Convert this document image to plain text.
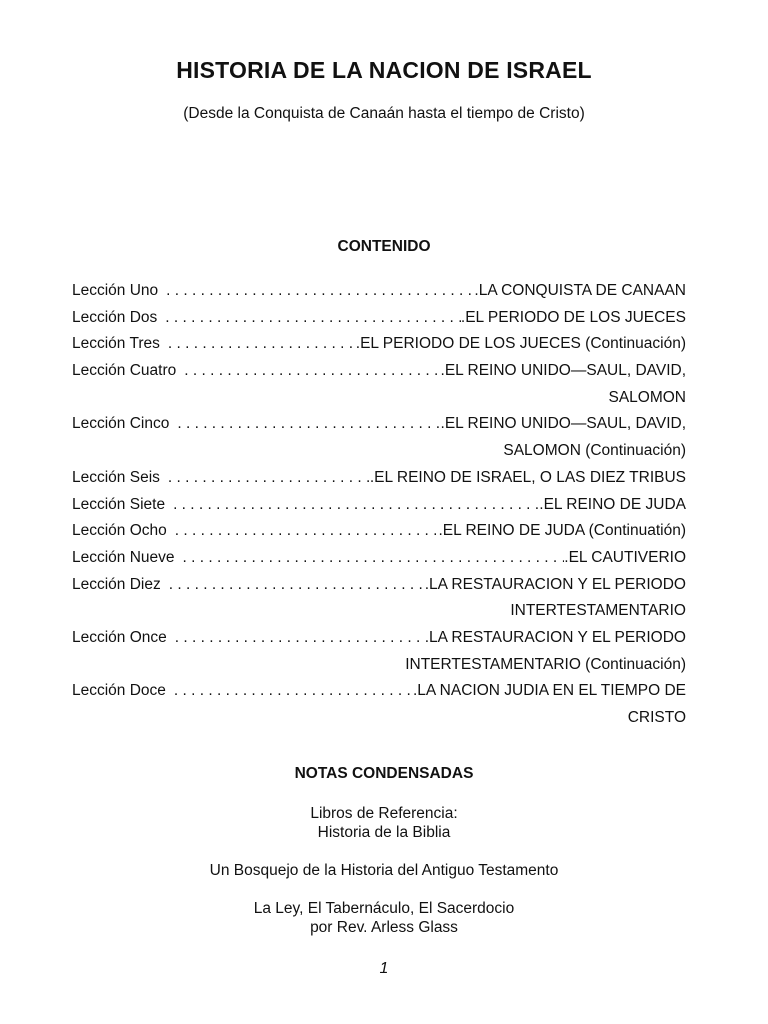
HISTORIA DE LA NACION DE ISRAEL
(Desde la Conquista de Canaán hasta el tiempo de Cristo)
CONTENIDO
Lección Uno . . .	.LA CONQUISTA DE CANAAN
Lección Dos . . .	.EL PERIODO DE LOS JUECES
Lección Tres . . .	.EL PERIODO DE LOS JUECES (Continuación)
Lección Cuatro . . .	.EL REINO UNIDO—SAUL, DAVID,
SALOMON
Lección Cinco . . .	.EL REINO UNIDO—SAUL, DAVID,
SALOMON (Continuación)
Lección Seis . . .	.EL REINO DE ISRAEL, O LAS DIEZ TRIBUS
Lección Siete . . .	.EL REINO DE JUDA
Lección Ocho . . .	.EL REINO DE JUDA (Continuatión)
Lección Nueve . . .	.EL CAUTIVERIO
Lección Diez . . .	.LA RESTAURACION Y EL PERIODO
INTERTESTAMENTARIO
Lección Once . . .	.LA RESTAURACION Y EL PERIODO
INTERTESTAMENTARIO (Continuación)
Lección Doce . . .	.LA NACION JUDIA EN EL TIEMPO DE
CRISTO
NOTAS CONDENSADAS
Libros de Referencia:
Historia de la Biblia
Un Bosquejo de la Historia del Antiguo Testamento
La Ley, El Tabernáculo, El Sacerdocio
por Rev. Arless Glass
1
